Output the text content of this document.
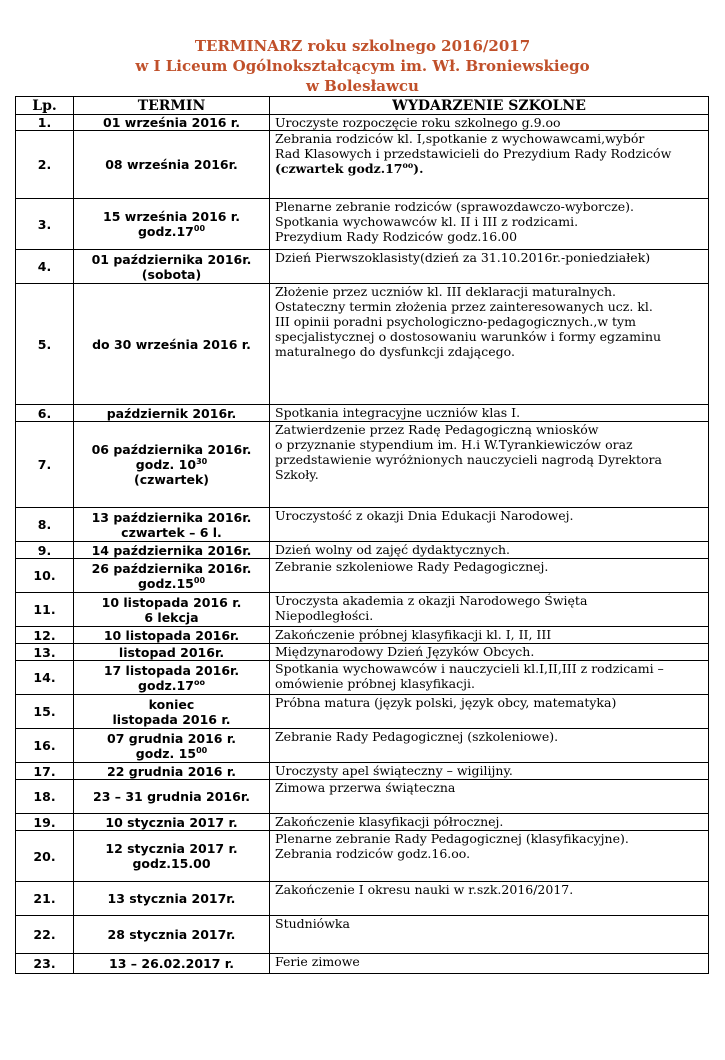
TERMINARZ roku szkolnego 2016/2017
w I Liceum Ogólnokształcącym im. Wł. Broniewskiego
w Bolesławcu
Lp.	TERMIN	WYDARZENIE SZKOLNE
1.	01 września 2016 r.	Uroczyste rozpoczęcie roku szkolnego g.9.oo

2.	08 września 2016r.	Zebrania rodziców kl. I,spotkanie z wychowawcami,wybór
Rad Klasowych i przedstawicieli do Prezydium Rady Rodziców
(czwartek $godz.17^{oo}$).

3.	15 września 2016 r.
$godz.17^{00}$	Plenarne zebranie rodziców (sprawozdawczo-wyborcze).
Spotkania wychowawców kl. II i III z rodzicami.
Prezydium Rady Rodziców godz.16.00

4.	01 października 2016r.
(sobota)	Dzień Pierwszoklasisty(dzień za 31.10.2016r.-poniedziałek)

5.	do 30 września 2016 r.	Złożenie przez uczniów kl. III deklaracji maturalnych.
Ostateczny termin złożenia przez zainteresowanych ucz. kl.
III opinii poradni psychologiczno-pedagogicznych.,w tym
specjalistycznej o dostosowaniu warunków i formy egzaminu
maturalnego do dysfunkcji zdającego.

6.	październik 2016r.	Spotkania integracyjne uczniów klas I.

7.	06 października 2016r.
godz. $10^{30}$
(czwartek)	Zatwierdzenie przez Radę Pedagogiczną wniosków
o przyznanie stypendium im. H.i W.Tyrankiewiczów oraz
przedstawienie wyróżnionych nauczycieli nagrodą Dyrektora
Szkoły.

8.	13 października 2016r.
czwartek – 6 l.	Uroczystość z okazji Dnia Edukacji Narodowej.

9.	14 października 2016r.	Dzień wolny od zajęć dydaktycznych.

10.	26 października 2016r.
$godz.15^{00}$	Zebranie szkoleniowe Rady Pedagogicznej.

11.	10 listopada 2016 r.
6 lekcja	Uroczysta akademia z okazji Narodowego Święta
Niepodległości.

12.	10 listopada 2016r.	Zakończenie próbnej klasyfikacji kl. I, II, III

13.	listopad 2016r.	Międzynarodowy Dzień Języków Obcych.

14.	17 listopada 2016r.
$godz.17^{oo}$	Spotkania wychowawców i nauczycieli kl.I,II,III z rodzicami –
omówienie próbnej klasyfikacji.

15.	koniec
listopada 2016 r.	Próbna matura (język polski, język obcy, matematyka)

16.	07 grudnia 2016 r.
godz. $15^{00}$	Zebranie Rady Pedagogicznej (szkoleniowe).

17.	22 grudnia 2016 r.	Uroczysty apel świąteczny – wigilijny.

18.	23 – 31 grudnia 2016r.	Zimowa przerwa świąteczna

19.	10 stycznia 2017 r.	Zakończenie klasyfikacji półrocznej.

20.	12 stycznia 2017 r.
godz.15.00	Plenarne zebranie Rady Pedagogicznej (klasyfikacyjne).
Zebrania rodziców godz.16.oo.

21.	13 stycznia 2017r.	Zakończenie I okresu nauki w r.szk.2016/2017.

22.	28 stycznia 2017r.	Studniówka

23.	13 – 26.02.2017 r.	Ferie zimowe
